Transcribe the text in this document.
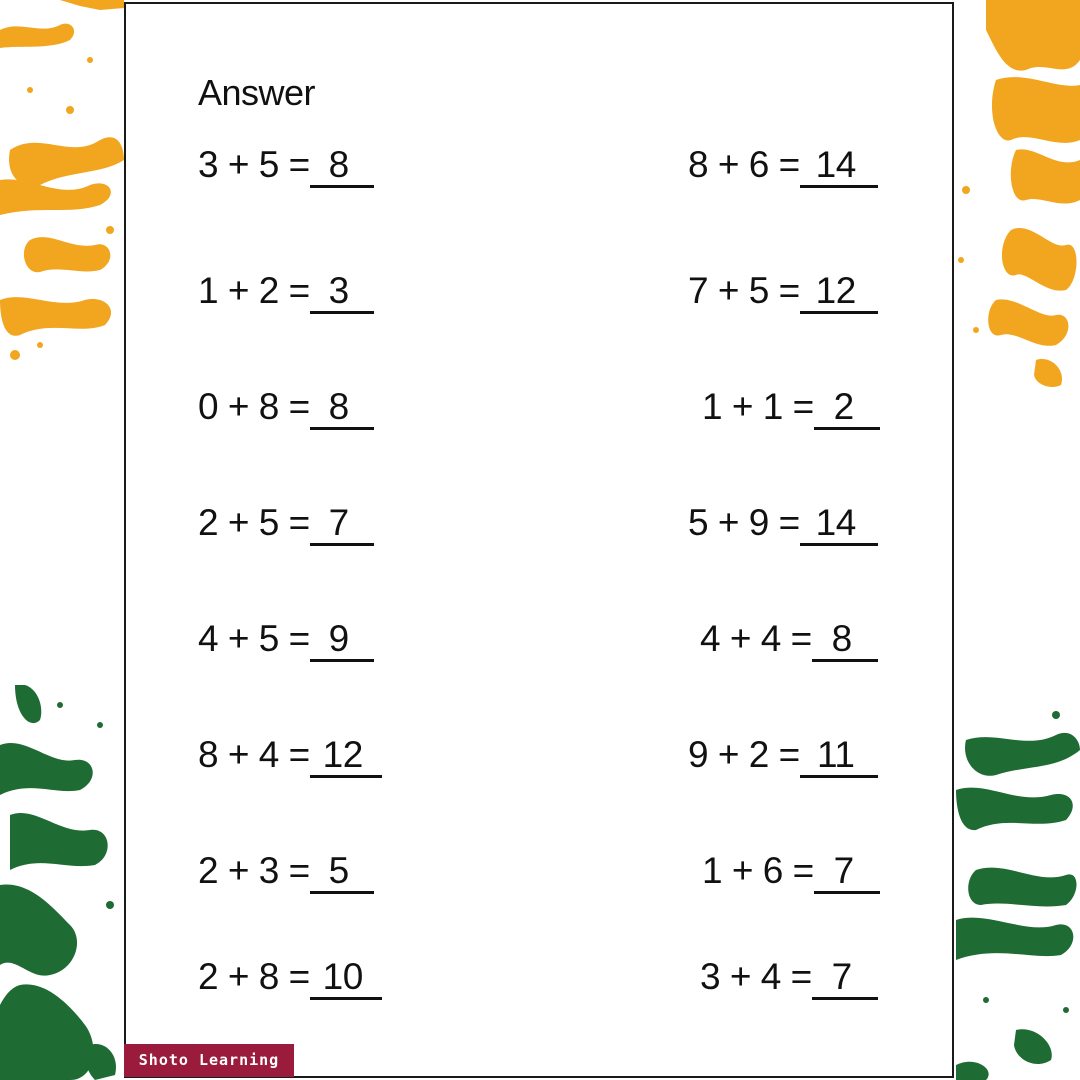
Answer
3 + 5 = 8
1 + 2 = 3
0 + 8 = 8
2 + 5 = 7
4 + 5 = 9
8 + 4 = 12
2 + 3 = 5
2 + 8 = 10
8 + 6 = 14
7 + 5 = 12
1 + 1 = 2
5 + 9 = 14
4 + 4 = 8
9 + 2 = 11
1 + 6 = 7
3 + 4 = 7
Shoto Learning
